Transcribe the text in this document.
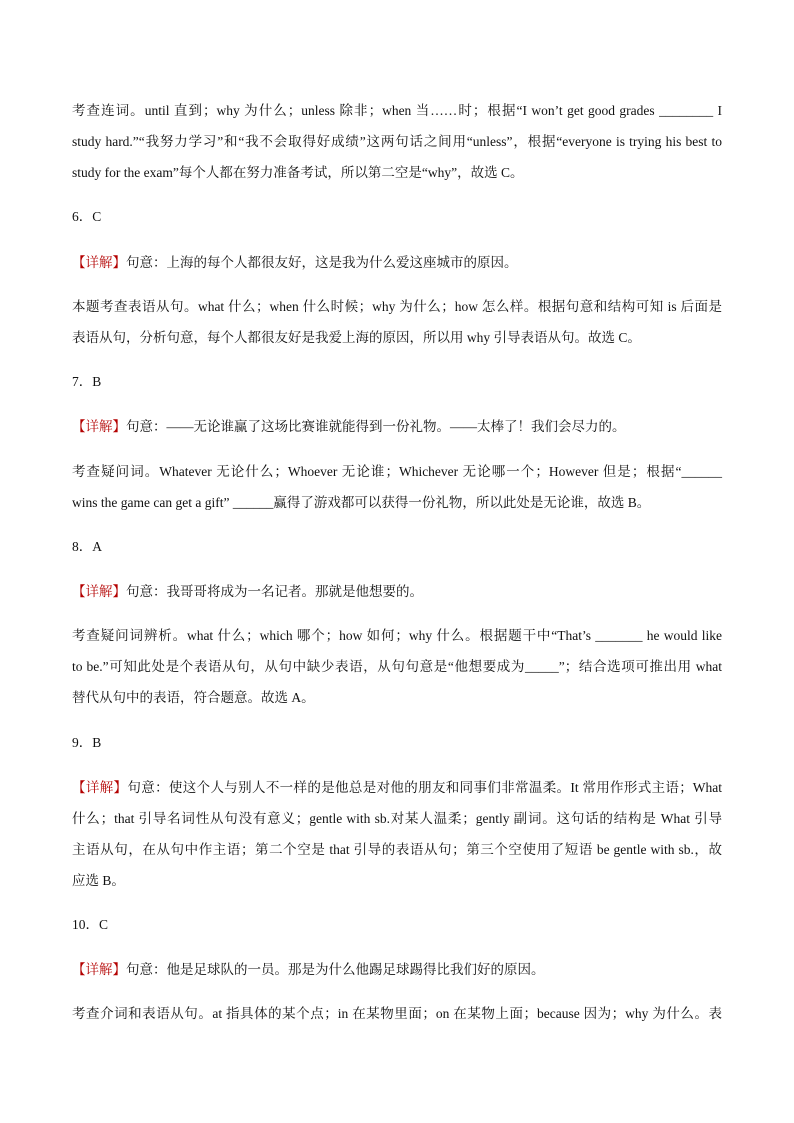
考查连词。until 直到；why 为什么；unless 除非；when 当……时；根据“I won’t get good grades ________ I
study hard.”“我努力学习”和“我不会取得好成绩”这两句话之间用“unless”，根据“everyone is trying his best to
study for the exam”每个人都在努力准备考试，所以第二空是“why”，故选 C。
6．C
【详解】句意：上海的每个人都很友好，这是我为什么爱这座城市的原因。
本题考查表语从句。what 什么；when 什么时候；why 为什么；how 怎么样。根据句意和结构可知 is 后面是
表语从句，分析句意，每个人都很友好是我爱上海的原因，所以用 why 引导表语从句。故选 C。
7．B
【详解】句意：——无论谁赢了这场比赛谁就能得到一份礼物。——太棒了！我们会尽力的。
考查疑问词。Whatever 无论什么；Whoever 无论谁；Whichever 无论哪一个；However 但是；根据“______
wins the game can get a gift” ______赢得了游戏都可以获得一份礼物，所以此处是无论谁，故选 B。
8．A
【详解】句意：我哥哥将成为一名记者。那就是他想要的。
考查疑问词辨析。what 什么；which 哪个；how 如何；why 什么。根据题干中“That’s _______ he would like
to be.”可知此处是个表语从句，从句中缺少表语，从句句意是“他想要成为_____”；结合选项可推出用 what
替代从句中的表语，符合题意。故选 A。
9．B
【详解】句意：使这个人与别人不一样的是他总是对他的朋友和同事们非常温柔。It 常用作形式主语；What
什么；that 引导名词性从句没有意义；gentle with sb.对某人温柔；gently 副词。这句话的结构是 What 引导
主语从句，在从句中作主语；第二个空是 that 引导的表语从句；第三个空使用了短语 be gentle with sb.，故
应选 B。
10．C
【详解】句意：他是足球队的一员。那是为什么他踢足球踢得比我们好的原因。
考查介词和表语从句。at 指具体的某个点；in 在某物里面；on 在某物上面；because 因为；why 为什么。表
